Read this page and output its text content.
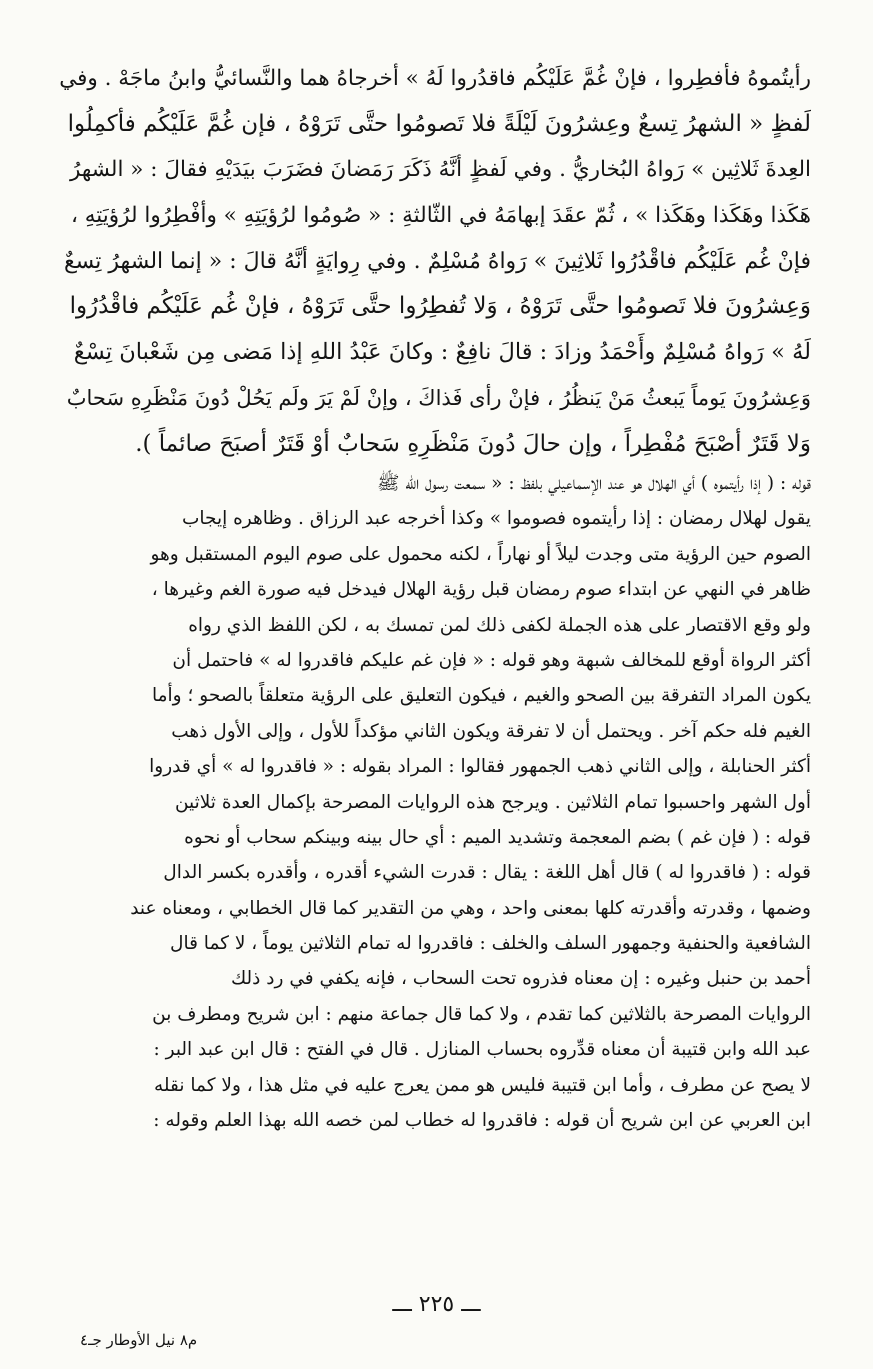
رأيتُموهُ فأفطِروا ، فإنْ غُمَّ عَلَيْكُم فاقدُروا لَهُ » أخرجاهُ هما والنَّسائيُّ وابنُ ماجَهْ . وفي
لَفظٍ « الشهرُ تِسعٌ وعِشرُونَ لَيْلَةً فلا تَصومُوا حتَّى تَرَوْهُ ، فإن غُمَّ عَلَيْكُم فأكمِلُوا
العِدةَ ثَلاثِين » رَواهُ البُخاريُّ . وفي لَفظٍ أنَّهُ ذَكَرَ رَمَضانَ فضَرَبَ بيَدَيْهِ فقالَ : « الشهرُ
هَكَذا وهَكَذا وهَكَذا » ، ثُمّ عقَدَ إبهامَهُ في الثّالثةِ : « صُومُوا لرُؤيَتِهِ » وأفْطِرُوا لرُؤيَتِهِ ،
فإنْ غُم عَلَيْكُم فاقْدُرُوا ثَلاثِينَ » رَواهُ مُسْلِمٌ . وفي رِوايَةٍ أنَّهُ قالَ : « إنما الشهرُ تِسعٌ
وَعِشرُونَ فلا تَصومُوا حتَّى تَرَوْهُ ، وَلا تُفطِرُوا حتَّى تَرَوْهُ ، فإنْ غُم عَلَيْكُم فاقْدُرُوا
لَهُ » رَواهُ مُسْلِمٌ وأَحْمَدُ وزادَ : قالَ نافِعٌ : وكانَ عَبْدُ اللهِ إذا مَضى مِن شَعْبانَ تِسْعٌ
وَعِشرُونَ يَوماً يَبعثُ مَنْ يَنظُرُ ، فإنْ رأى فَذاكَ ، وإنْ لَمْ يَرَ ولَم يَحُلْ دُونَ مَنْظَرِهِ سَحابٌ
وَلا قَتَرٌ أصْبَحَ مُفْطِراً ، وإن حالَ دُونَ مَنْظَرِهِ سَحابٌ أوْ قَتَرٌ أصبَحَ صائماً ).
قوله : ( إذا رأيتموه ) أي الهلال هو عند الإسماعيلي بلفظ : « سمعت رسول الله ﷺ
يقول لهلال رمضان : إذا رأيتموه فصوموا » وكذا أخرجه عبد الرزاق . وظاهره إيجاب
الصوم حين الرؤية متى وجدت ليلاً أو نهاراً ، لكنه محمول على صوم اليوم المستقبل وهو
ظاهر في النهي عن ابتداء صوم رمضان قبل رؤية الهلال فيدخل فيه صورة الغم وغيرها ،
ولو وقع الاقتصار على هذه الجملة لكفى ذلك لمن تمسك به ، لكن اللفظ الذي رواه
أكثر الرواة أوقع للمخالف شبهة وهو قوله : « فإن غم عليكم فاقدروا له » فاحتمل أن
يكون المراد التفرقة بين الصحو والغيم ، فيكون التعليق على الرؤية متعلقاً بالصحو ؛ وأما
الغيم فله حكم آخر . ويحتمل أن لا تفرقة ويكون الثاني مؤكداً للأول ، وإلى الأول ذهب
أكثر الحنابلة ، وإلى الثاني ذهب الجمهور فقالوا : المراد بقوله : « فاقدروا له » أي قدروا
أول الشهر واحسبوا تمام الثلاثين . ويرجح هذه الروايات المصرحة بإكمال العدة ثلاثين
قوله : ( فإن غم ) بضم المعجمة وتشديد الميم : أي حال بينه وبينكم سحاب أو نحوه
قوله : ( فاقدروا له ) قال أهل اللغة : يقال : قدرت الشيء أقدره ، وأقدره بكسر الدال
وضمها ، وقدرته وأقدرته كلها بمعنى واحد ، وهي من التقدير كما قال الخطابي ، ومعناه عند
الشافعية والحنفية وجمهور السلف والخلف : فاقدروا له تمام الثلاثين يوماً ، لا كما قال
أحمد بن حنبل وغيره : إن معناه فذروه تحت السحاب ، فإنه يكفي في رد ذلك
الروايات المصرحة بالثلاثين كما تقدم ، ولا كما قال جماعة منهم : ابن شريح ومطرف بن
عبد الله وابن قتيبة أن معناه قدِّروه بحساب المنازل . قال في الفتح : قال ابن عبد البر :
لا يصح عن مطرف ، وأما ابن قتيبة فليس هو ممن يعرج عليه في مثل هذا ، ولا كما نقله
ابن العربي عن ابن شريح أن قوله : فاقدروا له خطاب لمن خصه الله بهذا العلم وقوله :
ـــ ٢٢٥ ـــ
م٨ نيل الأوطار جـ٤
